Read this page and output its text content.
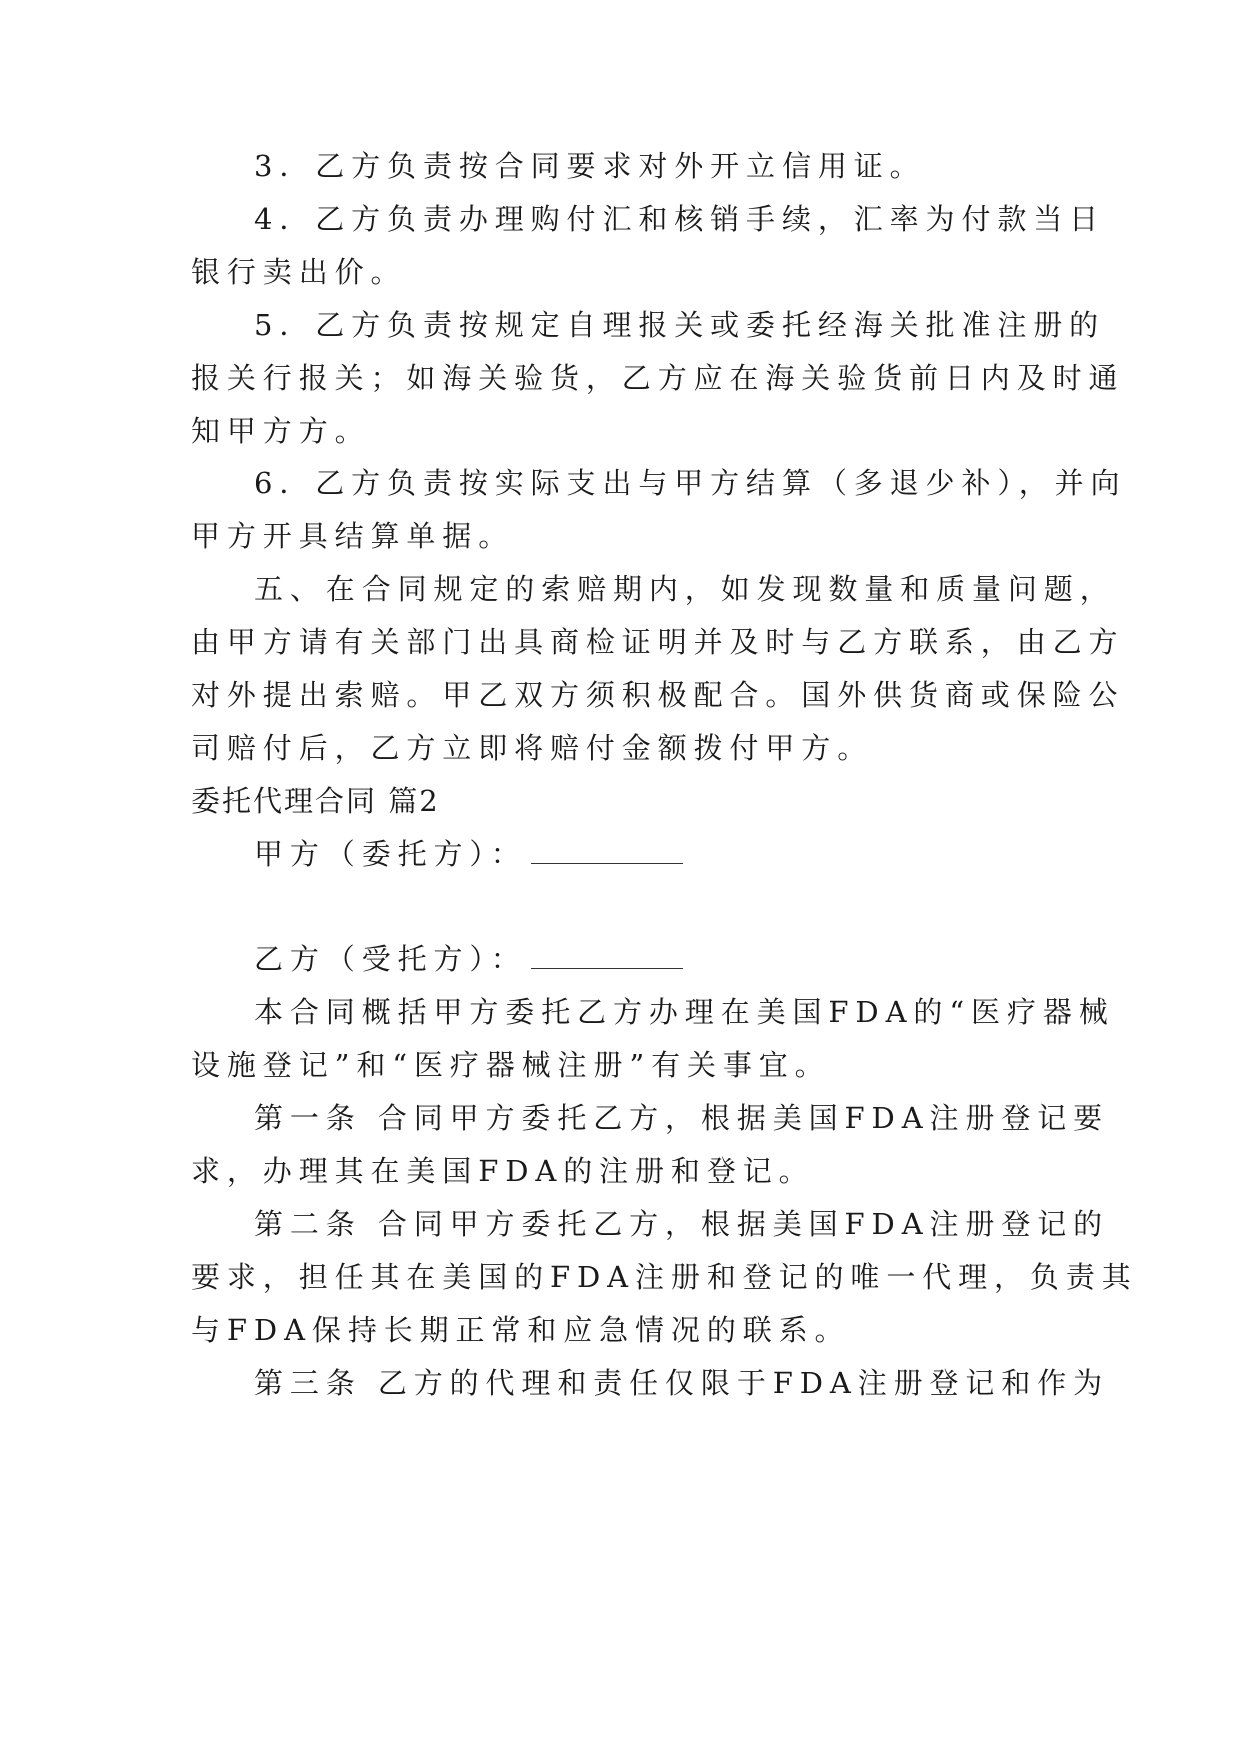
3．乙方负责按合同要求对外开立信用证。
4．乙方负责办理购付汇和核销手续，汇率为付款当日
银行卖出价。
5．乙方负责按规定自理报关或委托经海关批准注册的
报关行报关；如海关验货，乙方应在海关验货前日内及时通
知甲方方。
6．乙方负责按实际支出与甲方结算（多退少补），并向
甲方开具结算单据。
五、在合同规定的索赔期内，如发现数量和质量问题，
由甲方请有关部门出具商检证明并及时与乙方联系，由乙方
对外提出索赔。甲乙双方须积极配合。国外供货商或保险公
司赔付后，乙方立即将赔付金额拨付甲方。
委托代理合同 篇2
甲方（委托方）：
乙方（受托方）：
本合同概括甲方委托乙方办理在美国FDA的“医疗器械
设施登记”和“医疗器械注册”有关事宜。
第一条 合同甲方委托乙方，根据美国FDA注册登记要
求，办理其在美国FDA的注册和登记。
第二条 合同甲方委托乙方，根据美国FDA注册登记的
要求，担任其在美国的FDA注册和登记的唯一代理，负责其
与FDA保持长期正常和应急情况的联系。
第三条 乙方的代理和责任仅限于FDA注册登记和作为
